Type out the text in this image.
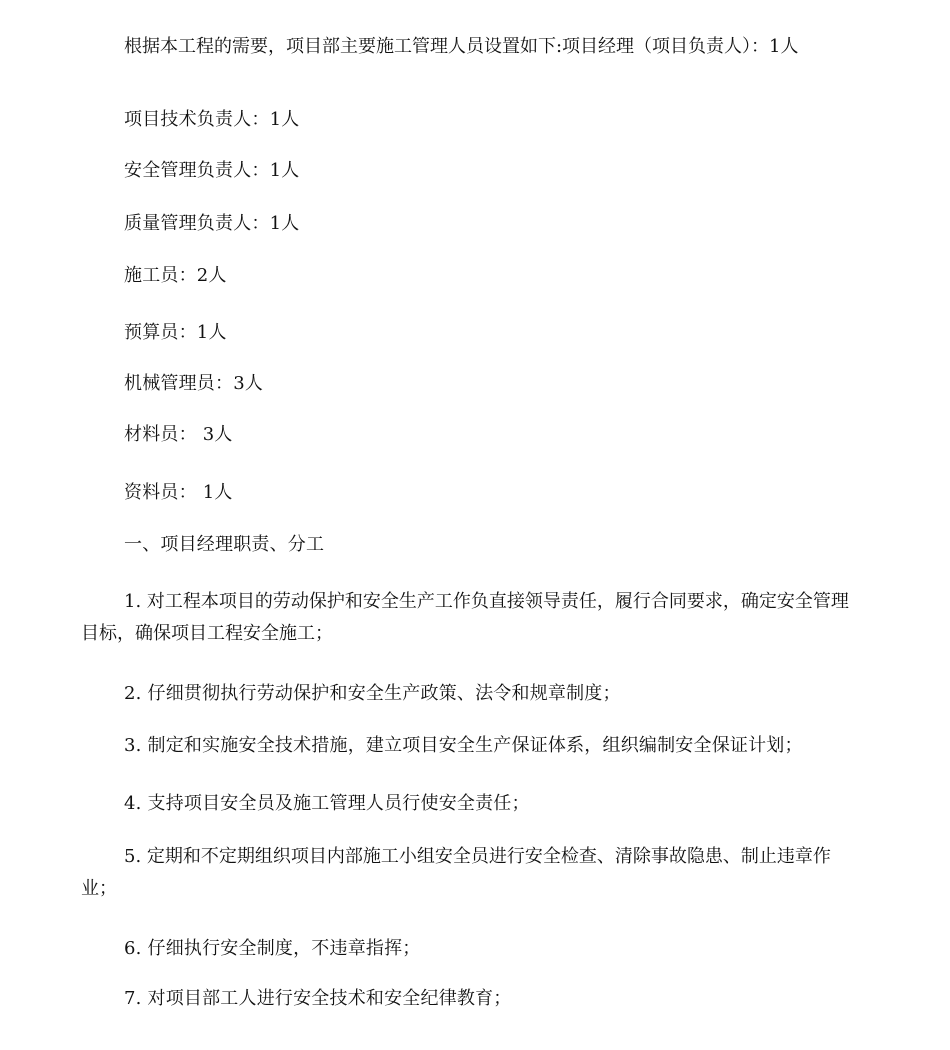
根据本工程的需要，项目部主要施工管理人员设置如下:项目经理（项目负责人）：1人
项目技术负责人：1人
安全管理负责人：1人
质量管理负责人：1人
施工员：2人
预算员：1人
机械管理员：3人
材料员： 3人
资料员： 1人
一、项目经理职责、分工
1. 对工程本项目的劳动保护和安全生产工作负直接领导责任，履行合同要求，确定安全管理目标，确保项目工程安全施工；
2. 仔细贯彻执行劳动保护和安全生产政策、法令和规章制度；
3. 制定和实施安全技术措施，建立项目安全生产保证体系，组织编制安全保证计划；
4. 支持项目安全员及施工管理人员行使安全责任；
5. 定期和不定期组织项目内部施工小组安全员进行安全检查、清除事故隐患、制止违章作业；
6. 仔细执行安全制度，不违章指挥；
7. 对项目部工人进行安全技术和安全纪律教育；
